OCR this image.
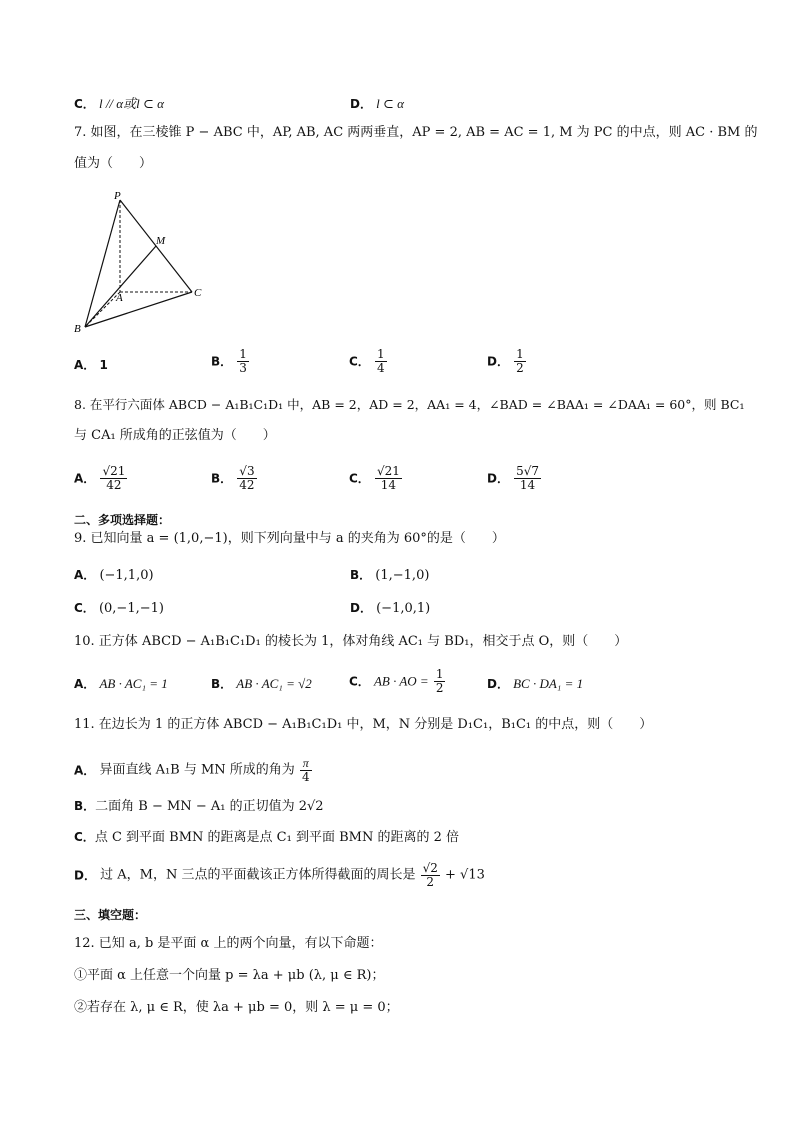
C． l // α或l ⊂ α	D． l ⊂ α
7. 如图，在三棱锥 P − ABC 中，AP, AB, AC 两两垂直，AP = 2, AB = AC = 1, M 为 PC 的中点，则 AC · BM 的
值为（　　）
P
M
A	C
B
A． 1	B． $\frac{1}{3}$	C． $\frac{1}{4}$	D． $\frac{1}{2}$
8. 在平行六面体 ABCD − A₁B₁C₁D₁ 中，AB = 2，AD = 2，AA₁ = 4，∠BAD = ∠BAA₁ = ∠DAA₁ = 60°，则 BC₁
与 CA₁ 所成角的正弦值为（　　）
A． $\frac{√21}{42}$	B． $\frac{√3}{42}$	C． $\frac{√21}{14}$	D． $\frac{5√7}{14}$
二、多项选择题：
9. 已知向量 a = (1,0,−1)，则下列向量中与 a 的夹角为 60°的是（　　）
A． (−1,1,0)	B． (1,−1,0)
C． (0,−1,−1)	D． (−1,0,1)
10. 正方体 ABCD − A₁B₁C₁D₁ 的棱长为 1，体对角线 AC₁ 与 BD₁，相交于点 O，则（　　）
A． AB · AC₁ = 1	B． AB · AC₁ = √2	C． AB · AO = $\frac{1}{2}$	D． BC · DA₁ = 1
11. 在边长为 1 的正方体 ABCD − A₁B₁C₁D₁ 中，M，N 分别是 D₁C₁，B₁C₁ 的中点，则（　　）
A． 异面直线 A₁B 与 MN 所成的角为 $\frac{\pi}{4}$
B．二面角 B − MN − A₁ 的正切值为 2√2
C．点 C 到平面 BMN 的距离是点 C₁ 到平面 BMN 的距离的 2 倍
D． 过 A，M，N 三点的平面截该正方体所得截面的周长是 $\frac{√2}{2} + √13$
三、填空题：
12. 已知 a, b 是平面 α 上的两个向量，有以下命题：
①平面 α 上任意一个向量 p = λa + μb (λ, μ ∈ R)；
②若存在 λ, μ ∈ R，使 λa + μb = 0，则 λ = μ = 0；
